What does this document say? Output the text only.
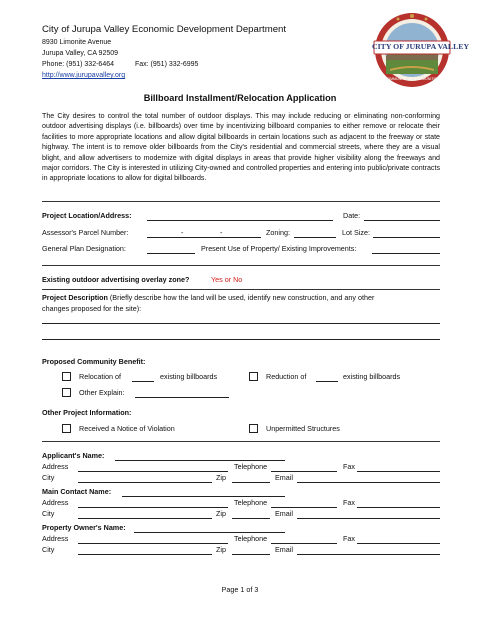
City of Jurupa Valley Economic Development Department
8930 Limonite Avenue
Jurupa Valley, CA 92509
Phone: (951) 332-6464	Fax: (951) 332-6995
http://www.jurupavalley.org
CITY OF JURUPA VALLEY
COMMUNITY OF COMMUNITIES
Billboard Installment/Relocation Application
The City desires to control the total number of outdoor displays. This may include reducing or eliminating non-conforming outdoor advertising displays (i.e. billboards) over time by incentivizing billboard companies to either remove or relocate their facilities to more appropriate locations and allow digital billboards in certain locations such as adjacent to the freeway or state highway. The intent is to remove older billboards from the City's residential and commercial streets, where they are a visual blight, and allow advertisers to modernize with digital displays in areas that provide higher visibility along the freeways and major corridors. The City is interested in utilizing City-owned and controlled properties and entering into public/private contracts in appropriate locations to allow for digital billboards.
Project Location/Address:	Date:
Assessor's Parcel Number:	-	-	Zoning:	Lot Size:
General Plan Designation:	Present Use of Property/ Existing Improvements:
Existing outdoor advertising overlay zone?	Yes or No
Project Description (Briefly describe how the land will be used, identify new construction, and any other
changes proposed for the site):
Proposed Community Benefit:
Relocation of	existing billboards	Reduction of	existing billboards
Other Explain:
Other Project Information:
Received a Notice of Violation	Unpermitted Structures
Applicant's Name:
Address	Telephone	Fax
City	Zip	Email
Main Contact Name:
Address	Telephone	Fax
City	Zip	Email
Property Owner's Name:
Address	Telephone	Fax
City	Zip	Email
Page 1 of 3
